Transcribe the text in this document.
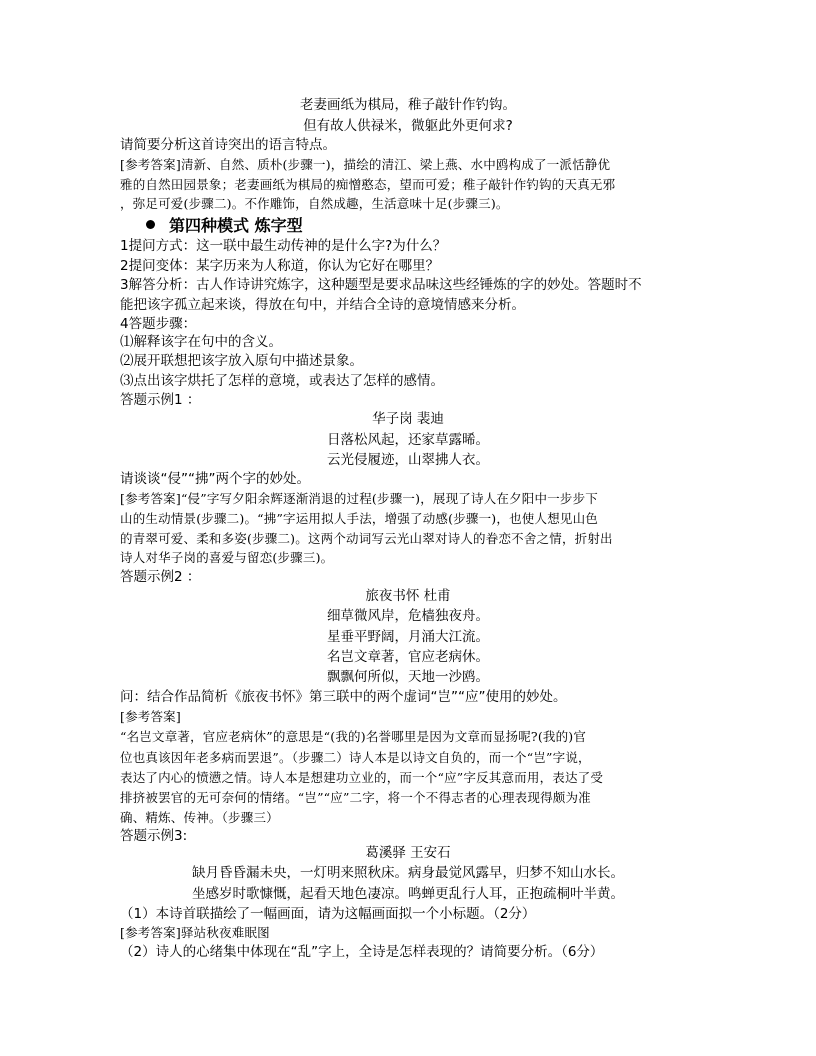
老妻画纸为棋局，稚子敲针作钓钩。
但有故人供禄米，微躯此外更何求?
请简要分析这首诗突出的语言特点。
[参考答案]清新、自然、质朴(步骤一)，描绘的清江、梁上燕、水中鸥构成了一派恬静优
雅的自然田园景象；老妻画纸为棋局的痴憎憨态，望而可爱；稚子敲针作钓钩的天真无邪
，弥足可爱(步骤二)。不作雕饰，自然成趣，生活意味十足(步骤三)。
第四种模式 炼字型
1提问方式：这一联中最生动传神的是什么字?为什么？
2提问变体：某字历来为人称道，你认为它好在哪里？
3解答分析：古人作诗讲究炼字，这种题型是要求品味这些经锤炼的字的妙处。答题时不
能把该字孤立起来谈，得放在句中，并结合全诗的意境情感来分析。
4答题步骤：
⑴解释该字在句中的含义。
⑵展开联想把该字放入原句中描述景象。
⑶点出该字烘托了怎样的意境，或表达了怎样的感情。
答题示例1 ：
华子岗 裴迪
日落松风起，还家草露晞。
云光侵履迹，山翠拂人衣。
请谈谈“侵”“拂”两个字的妙处。
[参考答案]“侵”字写夕阳余辉逐渐消退的过程(步骤一)，展现了诗人在夕阳中一步步下
山的生动情景(步骤二)。“拂”字运用拟人手法，增强了动感(步骤一)，也使人想见山色
的青翠可爱、柔和多姿(步骤二)。这两个动词写云光山翠对诗人的眷恋不舍之情，折射出
诗人对华子岗的喜爱与留恋(步骤三)。
答题示例2 ：
旅夜书怀 杜甫
细草微风岸，危樯独夜舟。
星垂平野阔，月涌大江流。
名岂文章著，官应老病休。
飘飘何所似，天地一沙鸥。
问：结合作品简析《旅夜书怀》第三联中的两个虚词“岂”“应”使用的妙处。
[参考答案]
“名岂文章著，官应老病休”的意思是“(我的)名誉哪里是因为文章而显扬呢?(我的)官
位也真该因年老多病而罢退”。（步骤二）诗人本是以诗文自负的，而一个“岂”字说，
表达了内心的愤懑之情。诗人本是想建功立业的，而一个“应”字反其意而用，表达了受
排挤被罢官的无可奈何的情绪。“岂”“应”二字，将一个不得志者的心理表现得颇为准
确、精炼、传神。（步骤三）
答题示例3:
葛溪驿 王安石
缺月昏昏漏未央，一灯明来照秋床。病身最觉风露早，归梦不知山水长。
坐感岁时歌慷慨，起看天地色凄凉。鸣蝉更乱行人耳，正抱疏桐叶半黄。
（1）本诗首联描绘了一幅画面，请为这幅画面拟一个小标题。（2分）
[参考答案]驿站秋夜难眠图
（2）诗人的心绪集中体现在“乱”字上，全诗是怎样表现的？请简要分析。（6分）
